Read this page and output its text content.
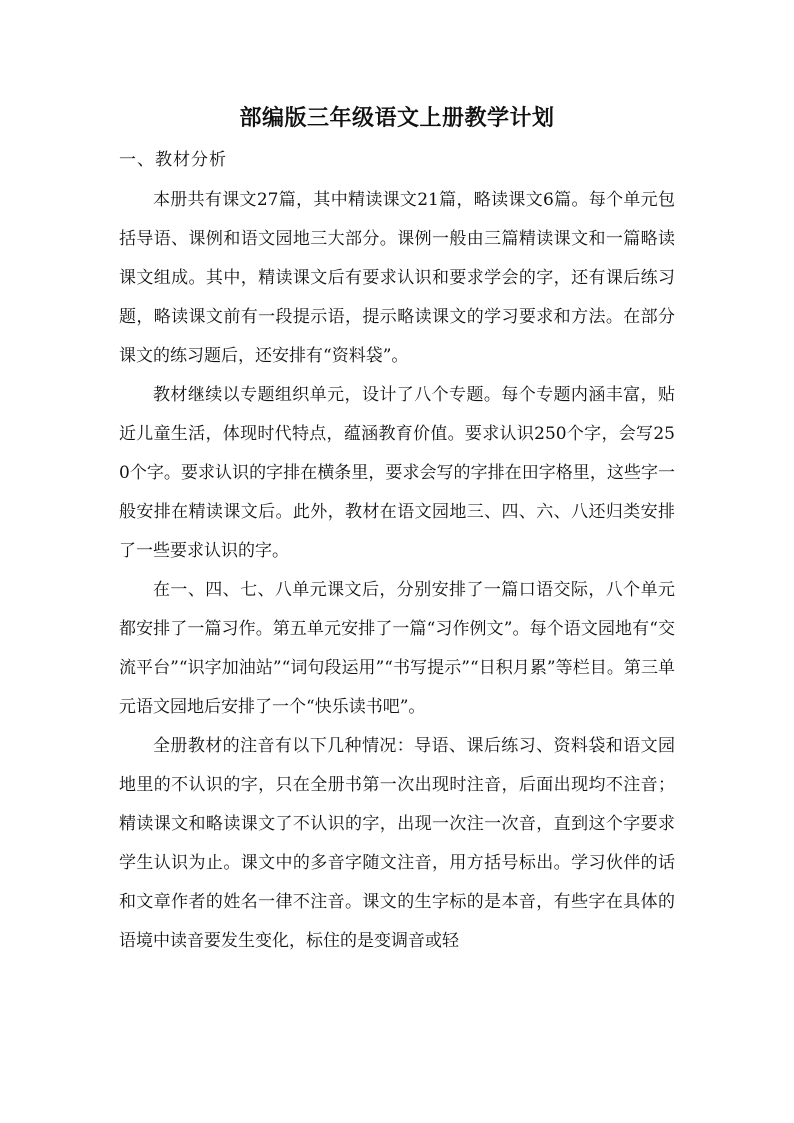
部编版三年级语文上册教学计划
一、教材分析

本册共有课文27篇，其中精读课文21篇，略读课文6篇。每个单元包括导语、课例和语文园地三大部分。课例一般由三篇精读课文和一篇略读课文组成。其中，精读课文后有要求认识和要求学会的字，还有课后练习题，略读课文前有一段提示语，提示略读课文的学习要求和方法。在部分课文的练习题后，还安排有“资料袋”。

教材继续以专题组织单元，设计了八个专题。每个专题内涵丰富，贴近儿童生活，体现时代特点，蕴涵教育价值。要求认识250个字，会写250个字。要求认识的字排在横条里，要求会写的字排在田字格里，这些字一般安排在精读课文后。此外，教材在语文园地三、四、六、八还归类安排了一些要求认识的字。

在一、四、七、八单元课文后，分别安排了一篇口语交际，八个单元都安排了一篇习作。第五单元安排了一篇“习作例文”。每个语文园地有“交流平台”“识字加油站”“词句段运用”“书写提示”“日积月累”等栏目。第三单元语文园地后安排了一个“快乐读书吧”。

全册教材的注音有以下几种情况：导语、课后练习、资料袋和语文园地里的不认识的字，只在全册书第一次出现时注音，后面出现均不注音；精读课文和略读课文了不认识的字，出现一次注一次音，直到这个字要求学生认识为止。课文中的多音字随文注音，用方括号标出。学习伙伴的话和文章作者的姓名一律不注音。课文的生字标的是本音，有些字在具体的语境中读音要发生变化，标住的是变调音或轻
